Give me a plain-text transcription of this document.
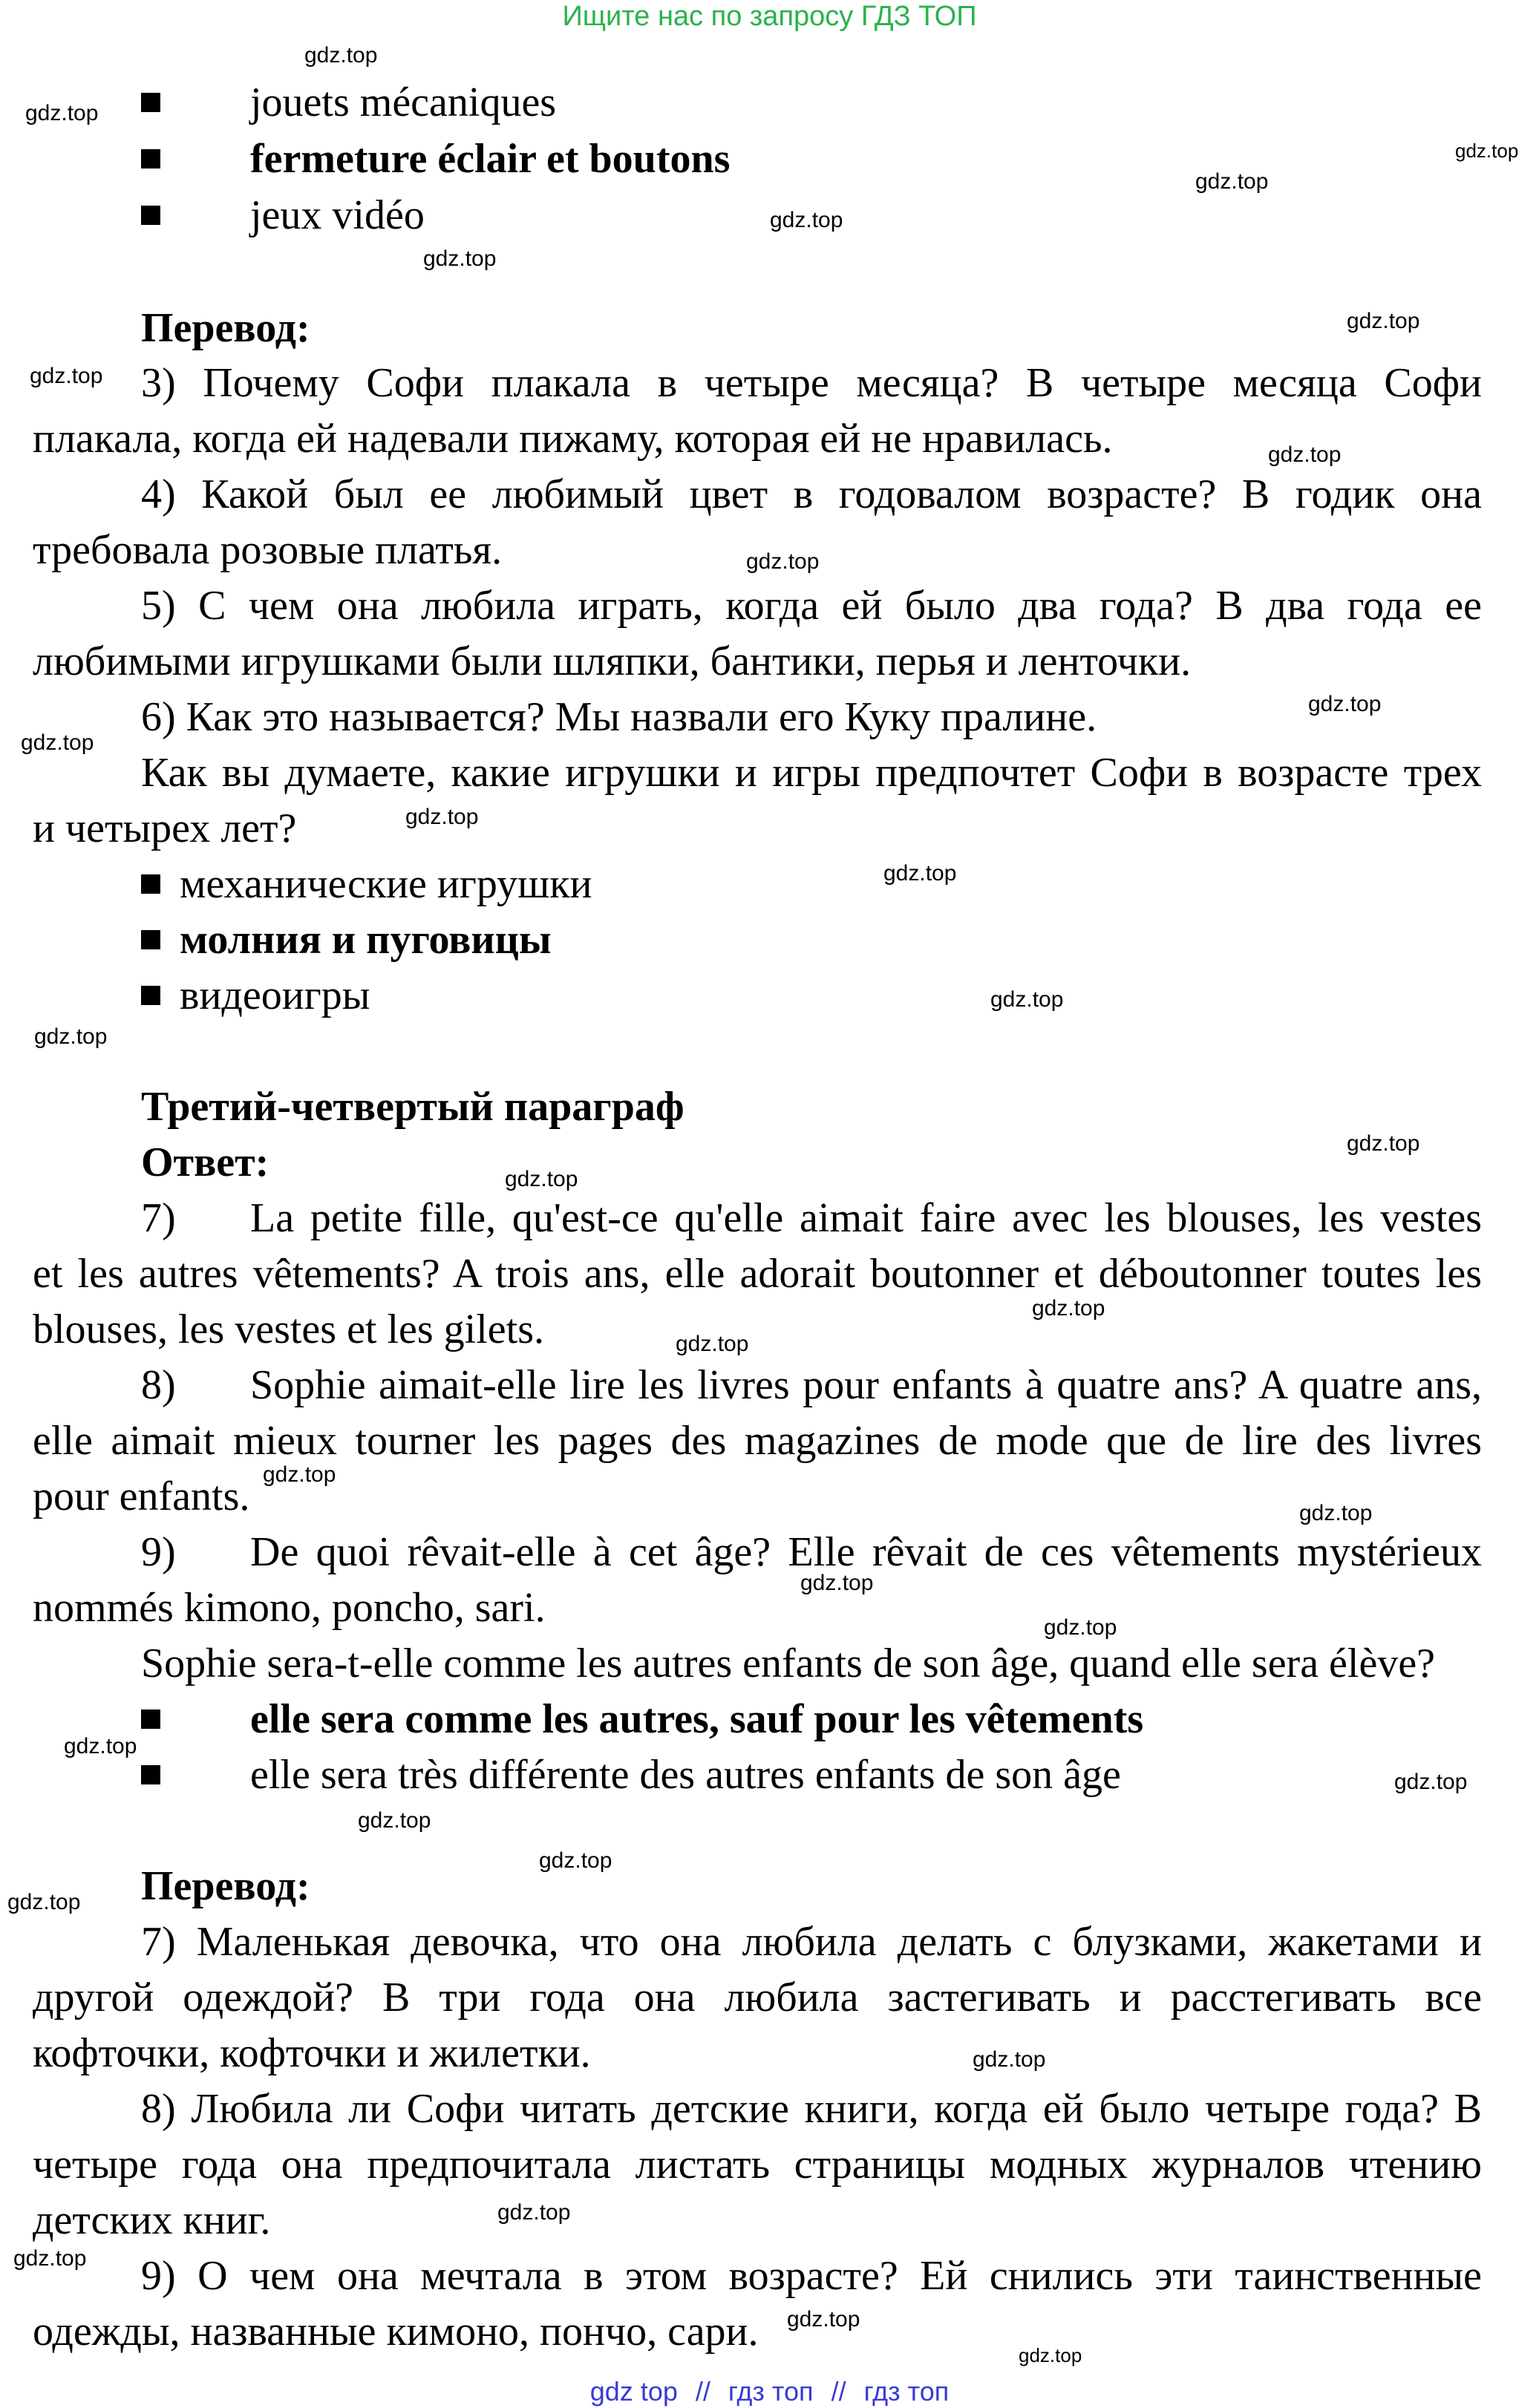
Ищите нас по запросу ГДЗ ТОП
jouets mécaniques
fermeture éclair et boutons
jeux vidéo
Перевод:
3) Почему Софи плакала в четыре месяца? В четыре месяца Софи
плакала, когда ей надевали пижаму, которая ей не нравилась.
4) Какой был ее любимый цвет в годовалом возрасте? В годик она
требовала розовые платья.
5) С чем она любила играть, когда ей было два года? В два года ее
любимыми игрушками были шляпки, бантики, перья и ленточки.
6) Как это называется? Мы назвали его Куку пралине.
Как вы думаете, какие игрушки и игры предпочтет Софи в возрасте трех
и четырех лет?
механические игрушки
молния и пуговицы
видеоигры
Третий-четвертый параграф
Ответ:
7) La petite fille, qu'est-ce qu'elle aimait faire avec les blouses, les vestes
et les autres vêtements? A trois ans, elle adorait boutonner et déboutonner toutes les
blouses, les vestes et les gilets.
8) Sophie aimait-elle lire les livres pour enfants à quatre ans? A quatre ans,
elle aimait mieux tourner les pages des magazines de mode que de lire des livres
pour enfants.
9) De quoi rêvait-elle à cet âge? Elle rêvait de ces vêtements mystérieux
nommés kimono, poncho, sari.
Sophie sera-t-elle comme les autres enfants de son âge, quand elle sera élève?
elle sera comme les autres, sauf pour les vêtements
elle sera très différente des autres enfants de son âge
Перевод:
7) Маленькая девочка, что она любила делать с блузками, жакетами и
другой одеждой? В три года она любила застегивать и расстегивать все
кофточки, кофточки и жилетки.
8) Любила ли Софи читать детские книги, когда ей было четыре года? В
четыре года она предпочитала листать страницы модных журналов чтению
детских книг.
9) О чем она мечтала в этом возрасте? Ей снились эти таинственные
одежды, названные кимоно, пончо, сари.
gdz.top
gdz.top
gdz.top
gdz.top
gdz.top
gdz.top
gdz.top
gdz.top
gdz.top
gdz.top
gdz.top
gdz.top
gdz.top
gdz.top
gdz.top
gdz.top
gdz.top
gdz.top
gdz.top
gdz.top
gdz.top
gdz.top
gdz.top
gdz.top
gdz.top
gdz.top
gdz.top
gdz.top
gdz.top
gdz.top
gdz.top
gdz.top
gdz.top
gdz.top
gdz top // гдз топ // гдз топ
